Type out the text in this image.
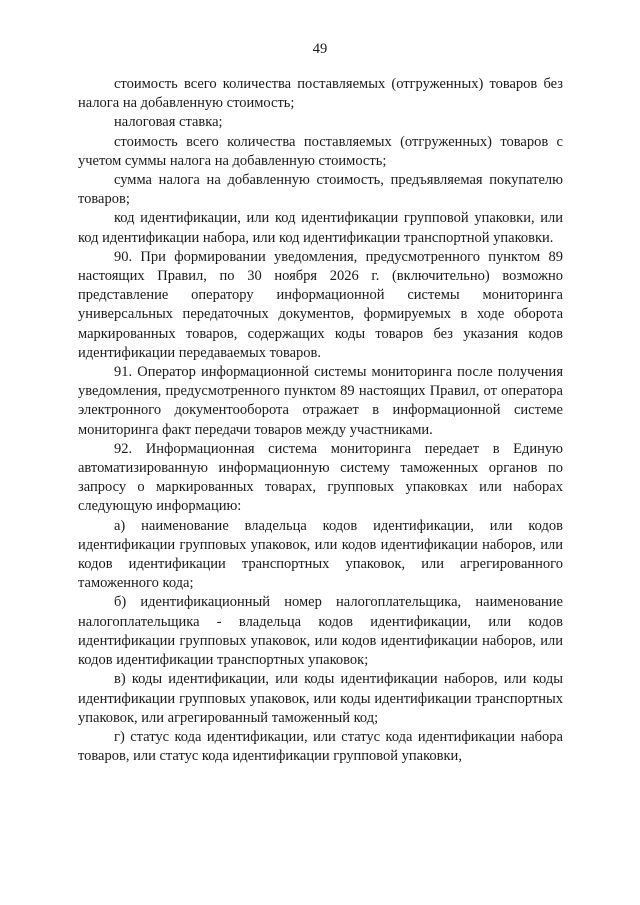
49

стоимость всего количества поставляемых (отгруженных) товаров без налога на добавленную стоимость;

налоговая ставка;

стоимость всего количества поставляемых (отгруженных) товаров с учетом суммы налога на добавленную стоимость;

сумма налога на добавленную стоимость, предъявляемая покупателю товаров;

код идентификации, или код идентификации групповой упаковки, или код идентификации набора, или код идентификации транспортной упаковки.

90. При формировании уведомления, предусмотренного пунктом 89 настоящих Правил, по 30 ноября 2026 г. (включительно) возможно представление оператору информационной системы мониторинга универсальных передаточных документов, формируемых в ходе оборота маркированных товаров, содержащих коды товаров без указания кодов идентификации передаваемых товаров.

91. Оператор информационной системы мониторинга после получения уведомления, предусмотренного пунктом 89 настоящих Правил, от оператора электронного документооборота отражает в информационной системе мониторинга факт передачи товаров между участниками.

92. Информационная система мониторинга передает в Единую автоматизированную информационную систему таможенных органов по запросу о маркированных товарах, групповых упаковках или наборах следующую информацию:

а) наименование владельца кодов идентификации, или кодов идентификации групповых упаковок, или кодов идентификации наборов, или кодов идентификации транспортных упаковок, или агрегированного таможенного кода;

б) идентификационный номер налогоплательщика, наименование налогоплательщика - владельца кодов идентификации, или кодов идентификации групповых упаковок, или кодов идентификации наборов, или кодов идентификации транспортных упаковок;

в) коды идентификации, или коды идентификации наборов, или коды идентификации групповых упаковок, или коды идентификации транспортных упаковок, или агрегированный таможенный код;

г) статус кода идентификации, или статус кода идентификации набора товаров, или статус кода идентификации групповой упаковки,
